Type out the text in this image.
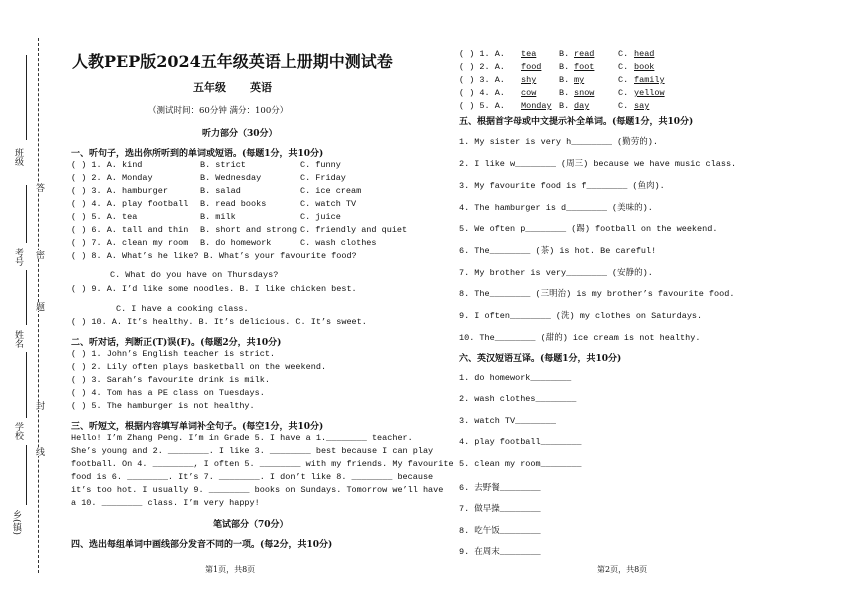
班级
考号
姓名
学校
乡(镇)
答
密
题
封
线
人教PEP版2024五年级英语上册期中测试卷
五年级 英语
（测试时间：60分钟 满分：100分）
听力部分（30分）
一、听句子，选出你所听到的单词或短语。(每题1分，共10分)
( ) 1. A. kind	B. strict	C. funny
( ) 2. A. Monday	B. Wednesday	C. Friday
( ) 3. A. hamburger	B. salad	C. ice cream
( ) 4. A. play football B. read books	C. watch TV
( ) 5. A. tea	B. milk	C. juice
( ) 6. A. tall and thin B. short and strong C. friendly and quiet
( ) 7. A. clean my room B. do homework	C. wash clothes
( ) 8. A. What’s he like? B. What’s your favourite food?
C. What do you have on Thursdays?
( ) 9. A. I’d like some noodles. B. I like chicken best.
C. I have a cooking class.
( ) 10. A. It’s healthy. B. It’s delicious. C. It’s sweet.
二、听对话，判断正(T)误(F)。(每题2分，共10分)
( ) 1. John’s English teacher is strict.
( ) 2. Lily often plays basketball on the weekend.
( ) 3. Sarah’s favourite drink is milk.
( ) 4. Tom has a PE class on Tuesdays.
( ) 5. The hamburger is not healthy.
三、听短文，根据内容填写单词补全句子。(每空1分，共10分)
Hello! I’m Zhang Peng. I’m in Grade 5. I have a 1.________ teacher.
She’s young and 2. ________. I like 3. ________ best because I can play
football. On 4. ________, I often 5. ________ with my friends. My favourite
food is 6. ________. It’s 7. ________. I don’t like 8. ________ because
it’s too hot. I usually 9. ________ books on Sundays. Tomorrow we’ll have
a 10. ________ class. I’m very happy!
笔试部分（70分）
四、选出每组单词中画线部分发音不同的一项。(每2分，共10分)
第1页，共8页
( ) 1. A. tea	B. read	C. head
( ) 2. A. food B. foot	C. book
( ) 3. A. shy	B. my	C. family
( ) 4. A. cow	B. snow	C. yellow
( ) 5. A. Monday B. day	C. say
五、根据首字母或中文提示补全单词。(每题1分，共10分)
1. My sister is very h________ (勤劳的).
2. I like w________ (周三) because we have music class.
3. My favourite food is f________ (鱼肉).
4. The hamburger is d________ (美味的).
5. We often p________ (踢) football on the weekend.
6. The________ (茶) is hot. Be careful!
7. My brother is very________ (安静的).
8. The________ (三明治) is my brother’s favourite food.
9. I often________ (洗) my clothes on Saturdays.
10. The________ (甜的) ice cream is not healthy.
六、英汉短语互译。(每题1分，共10分)
1. do homework________
2. wash clothes________
3. watch TV________
4. play football________
5. clean my room________
6. 去野餐________
7. 做早操________
8. 吃午饭________
9. 在周末________
第2页，共8页
